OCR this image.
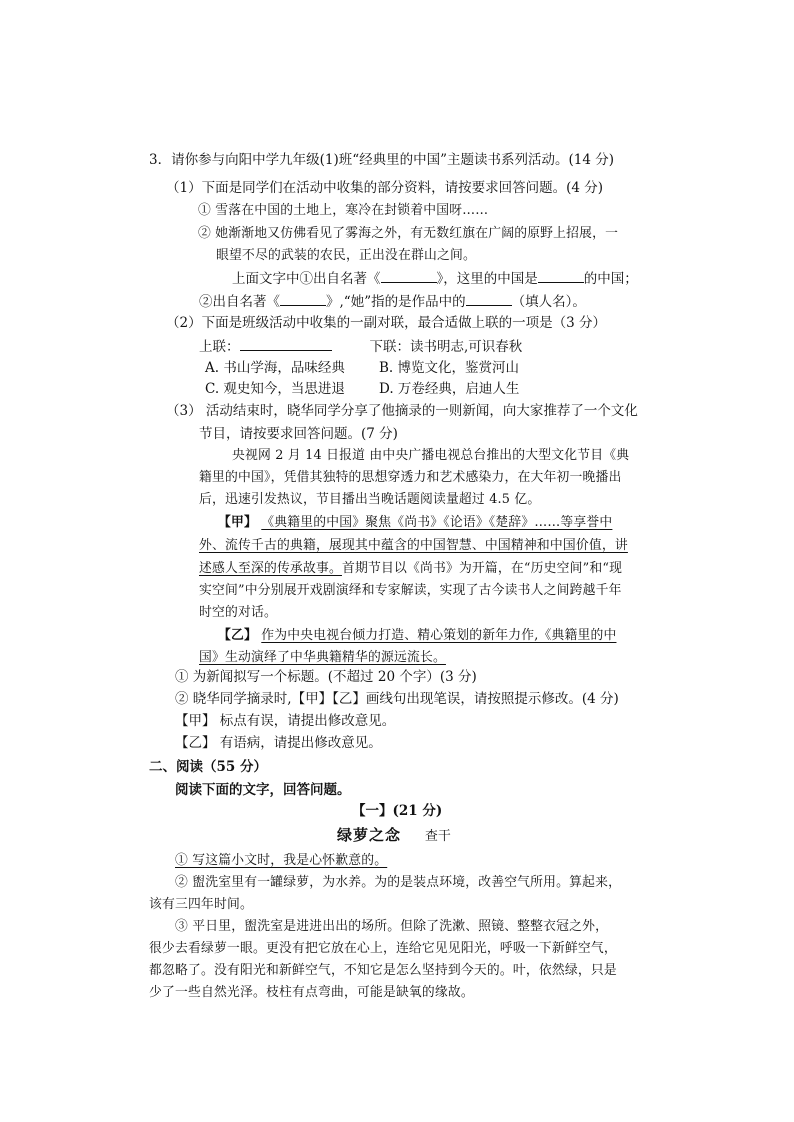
3．请你参与向阳中学九年级(1)班“经典里的中国”主题读书系列活动。(14 分)
（1）下面是同学们在活动中收集的部分资料，请按要求回答问题。(4 分)
① 雪落在中国的土地上，寒冷在封锁着中国呀……
② 她渐渐地又仿佛看见了雾海之外，有无数红旗在广阔的原野上招展，一
眼望不尽的武装的农民，正出没在群山之间。
上面文字中①出自名著《	》，这里的中国是	的中国；
②出自名著《	》,“她”指的是作品中的	（填人名）。
（2）下面是班级活动中收集的一副对联，最合适做上联的一项是（3 分）
上联：	下联：读书明志,可识春秋
A. 书山学海，品味经典	B. 博览文化，鉴赏河山
C. 观史知今，当思进退	D. 万卷经典，启迪人生
（3） 活动结束时，晓华同学分享了他摘录的一则新闻，向大家推荐了一个文化
节目，请按要求回答问题。(7 分)
央视网 2 月 14 日报道 由中央广播电视总台推出的大型文化节目《典
籍里的中国》，凭借其独特的思想穿透力和艺术感染力，在大年初一晚播出
后，迅速引发热议，节目播出当晚话题阅读量超过 4.5 亿。
【甲】 《典籍里的中国》聚焦《尚书》《论语》《楚辞》……等享誉中
外、流传千古的典籍，展现其中蕴含的中国智慧、中国精神和中国价值，讲
述感人至深的传承故事。首期节目以《尚书》为开篇，在“历史空间”和“现
实空间”中分别展开戏剧演绎和专家解读，实现了古今读书人之间跨越千年
时空的对话。
【乙】 作为中央电视台倾力打造、精心策划的新年力作,《典籍里的中
国》生动演绎了中华典籍精华的源远流长。
① 为新闻拟写一个标题。(不超过 20 个字）(3 分)
② 晓华同学摘录时,【甲】【乙】画线句出现笔误，请按照提示修改。(4 分)
【甲】 标点有误，请提出修改意见。
【乙】 有语病，请提出修改意见。
二、阅读（55 分）
阅读下面的文字，回答问题。
【一】(21 分)
绿萝之念 查干
① 写这篇小文时，我是心怀歉意的。
② 盥洗室里有一罐绿萝，为水养。为的是装点环境，改善空气所用。算起来，
该有三四年时间。
③ 平日里，盥洗室是进进出出的场所。但除了洗漱、照镜、整整衣冠之外，
很少去看绿萝一眼。更没有把它放在心上，连给它见见阳光，呼吸一下新鲜空气，
都忽略了。没有阳光和新鲜空气，不知它是怎么坚持到今天的。叶，依然绿，只是
少了一些自然光泽。枝柱有点弯曲，可能是缺氧的缘故。
